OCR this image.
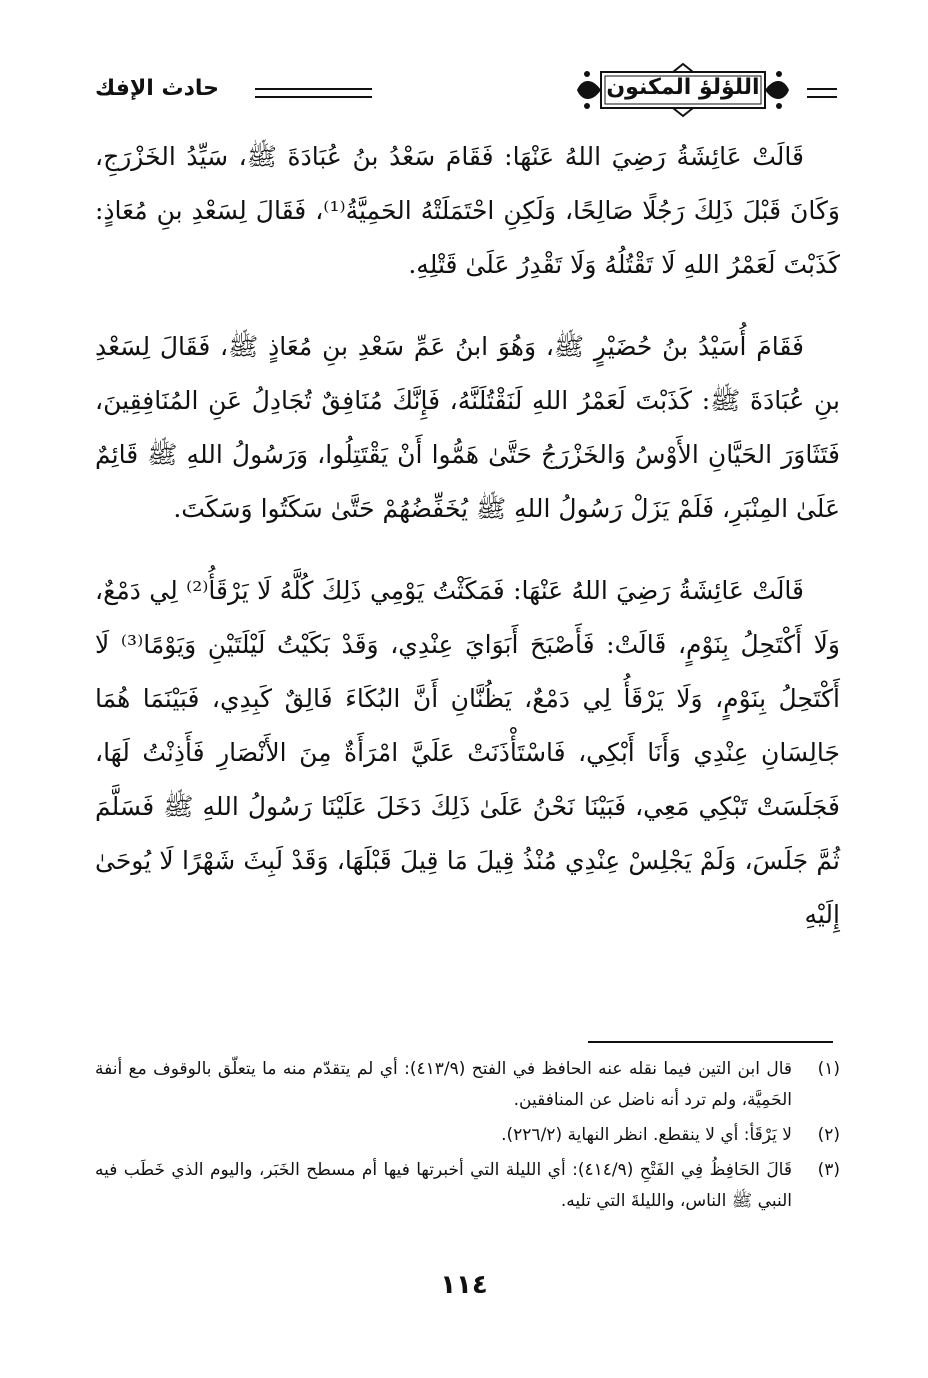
اللؤلؤ المكنون
حادث الإفك

قَالَتْ عَائِشَةُ رَضِيَ اللهُ عَنْهَا: فَقَامَ سَعْدُ بنُ عُبَادَةَ ﷺ، سَيِّدُ الخَزْرَجِ، وَكَانَ قَبْلَ ذَلِكَ رَجُلًا صَالِحًا، وَلَكِنِ احْتَمَلَتْهُ الحَمِيَّةُ⁽¹⁾، فَقَالَ لِسَعْدِ بنِ مُعَاذٍ: كَذَبْتَ لَعَمْرُ اللهِ لَا تَقْتُلُهُ وَلَا تَقْدِرُ عَلَىٰ قَتْلِهِ.

فَقَامَ أُسَيْدُ بنُ حُضَيْرٍ ﷺ، وَهُوَ ابنُ عَمِّ سَعْدِ بنِ مُعَاذٍ ﷺ، فَقَالَ لِسَعْدِ بنِ عُبَادَةَ ﷺ: كَذَبْتَ لَعَمْرُ اللهِ لَنَقْتُلَنَّهُ، فَإِنَّكَ مُنَافِقٌ تُجَادِلُ عَنِ المُنَافِقِينَ، فَتَثَاوَرَ الحَيَّانِ الأَوْسُ وَالخَزْرَجُ حَتَّىٰ هَمُّوا أَنْ يَقْتَتِلُوا، وَرَسُولُ اللهِ ﷺ قَائِمٌ عَلَىٰ المِنْبَرِ، فَلَمْ يَزَلْ رَسُولُ اللهِ ﷺ يُخَفِّضُهُمْ حَتَّىٰ سَكَتُوا وَسَكَتَ.

قَالَتْ عَائِشَةُ رَضِيَ اللهُ عَنْهَا: فَمَكَثْتُ يَوْمِي ذَلِكَ كُلَّهُ لَا يَرْقَأُ⁽²⁾ لِي دَمْعٌ، وَلَا أَكْتَحِلُ بِنَوْمٍ، قَالَتْ: فَأَصْبَحَ أَبَوَايَ عِنْدِي، وَقَدْ بَكَيْتُ لَيْلَتَيْنِ وَيَوْمًا⁽³⁾ لَا أَكْتَحِلُ بِنَوْمٍ، وَلَا يَرْقَأُ لِي دَمْعٌ، يَظُنَّانِ أَنَّ البُكَاءَ فَالِقٌ كَبِدِي، فَبَيْنَمَا هُمَا جَالِسَانِ عِنْدِي وَأَنَا أَبْكِي، فَاسْتَأْذَنَتْ عَلَيَّ امْرَأَةٌ مِنَ الأَنْصَارِ فَأَذِنْتُ لَهَا، فَجَلَسَتْ تَبْكِي مَعِي، فَبَيْنَا نَحْنُ عَلَىٰ ذَلِكَ دَخَلَ عَلَيْنَا رَسُولُ اللهِ ﷺ فَسَلَّمَ ثُمَّ جَلَسَ، وَلَمْ يَجْلِسْ عِنْدِي مُنْذُ قِيلَ مَا قِيلَ قَبْلَهَا، وَقَدْ لَبِثَ شَهْرًا لَا يُوحَىٰ إِلَيْهِ

(١)
قال ابن التين فيما نقله عنه الحافظ في الفتح (٤١٣/٩): أي لم يتقدّم منه ما يتعلّق بالوقوف مع أنفة الحَمِيَّة، ولم ترد أنه ناضل عن المنافقين.
(٢)
لا يَرْقَأ: أي لا ينقطع. انظر النهاية (٢٢٦/٢).
(٣)
قَالَ الحَافِظُ فِي الفَتْحِ (٤١٤/٩): أي الليلة التي أخبرتها فيها أم مسطح الخَبَر، واليوم الذي خَطَب فيه النبي ﷺ الناس، والليلةَ التي تليه.
١١٤
